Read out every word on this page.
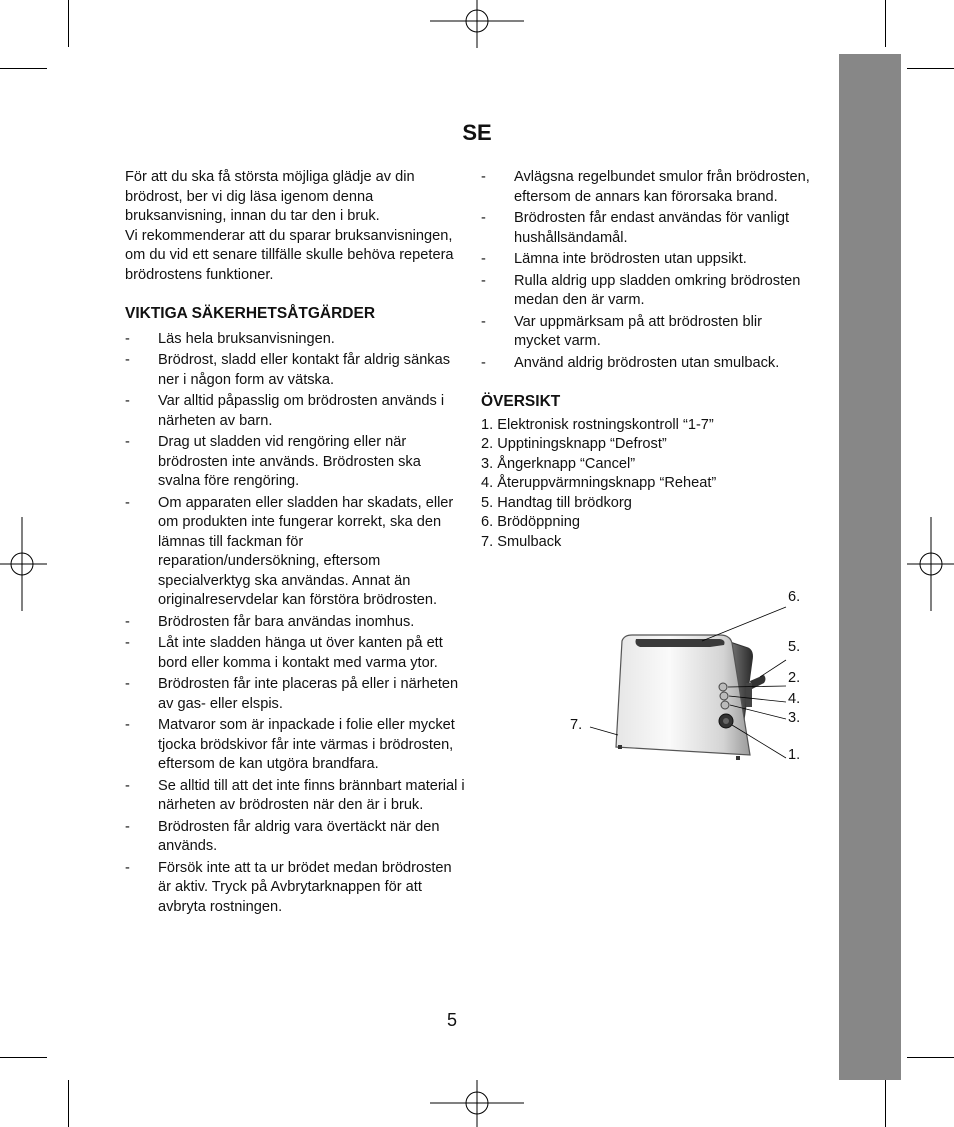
SE

För att du ska få största möjliga glädje av din brödrost, ber vi dig läsa igenom denna bruksanvisning, innan du tar den i bruk.

Vi rekommenderar att du sparar bruksanvisningen, om du vid ett senare tillfälle skulle behöva repetera brödrostens funktioner.

VIKTIGA SÄKERHETSÅTGÄRDER
- Läs hela bruksanvisningen.
- Brödrost, sladd eller kontakt får aldrig sänkas ner i någon form av vätska.
- Var alltid påpasslig om brödrosten används i närheten av barn.
- Drag ut sladden vid rengöring eller när brödrosten inte används. Brödrosten ska svalna före rengöring.
- Om apparaten eller sladden har skadats, eller om produkten inte fungerar korrekt, ska den lämnas till fackman för reparation/undersökning, eftersom specialverktyg ska användas. Annat än originalreservdelar kan förstöra brödrosten.
- Brödrosten får bara användas inomhus.
- Låt inte sladden hänga ut över kanten på ett bord eller komma i kontakt med varma ytor.
- Brödrosten får inte placeras på eller i närheten av gas- eller elspis.
- Matvaror som är inpackade i folie eller mycket tjocka brödskivor får inte värmas i brödrosten, eftersom de kan utgöra brandfara.
- Se alltid till att det inte finns brännbart material i närheten av brödrosten när den är i bruk.
- Brödrosten får aldrig vara övertäckt när den används.
- Försök inte att ta ur brödet medan brödrosten är aktiv. Tryck på Avbrytarknappen för att avbryta rostningen.
- Avlägsna regelbundet smulor från brödrosten, eftersom de annars kan förorsaka brand.
- Brödrosten får endast användas för vanligt hushållsändamål.
- Lämna inte brödrosten utan uppsikt.
- Rulla aldrig upp sladden omkring brödrosten medan den är varm.
- Var uppmärksam på att brödrosten blir mycket varm.
- Använd aldrig brödrosten utan smulback.
ÖVERSIKT
1. Elektronisk rostningskontroll “1-7”
2. Upptiningsknapp “Defrost”
3. Ångerknapp “Cancel”
4. Återuppvärmningsknapp “Reheat”
5. Handtag till brödkorg
6. Brödöppning
7. Smulback
6.
5.
2.
4.
3.
7.
1.
5
